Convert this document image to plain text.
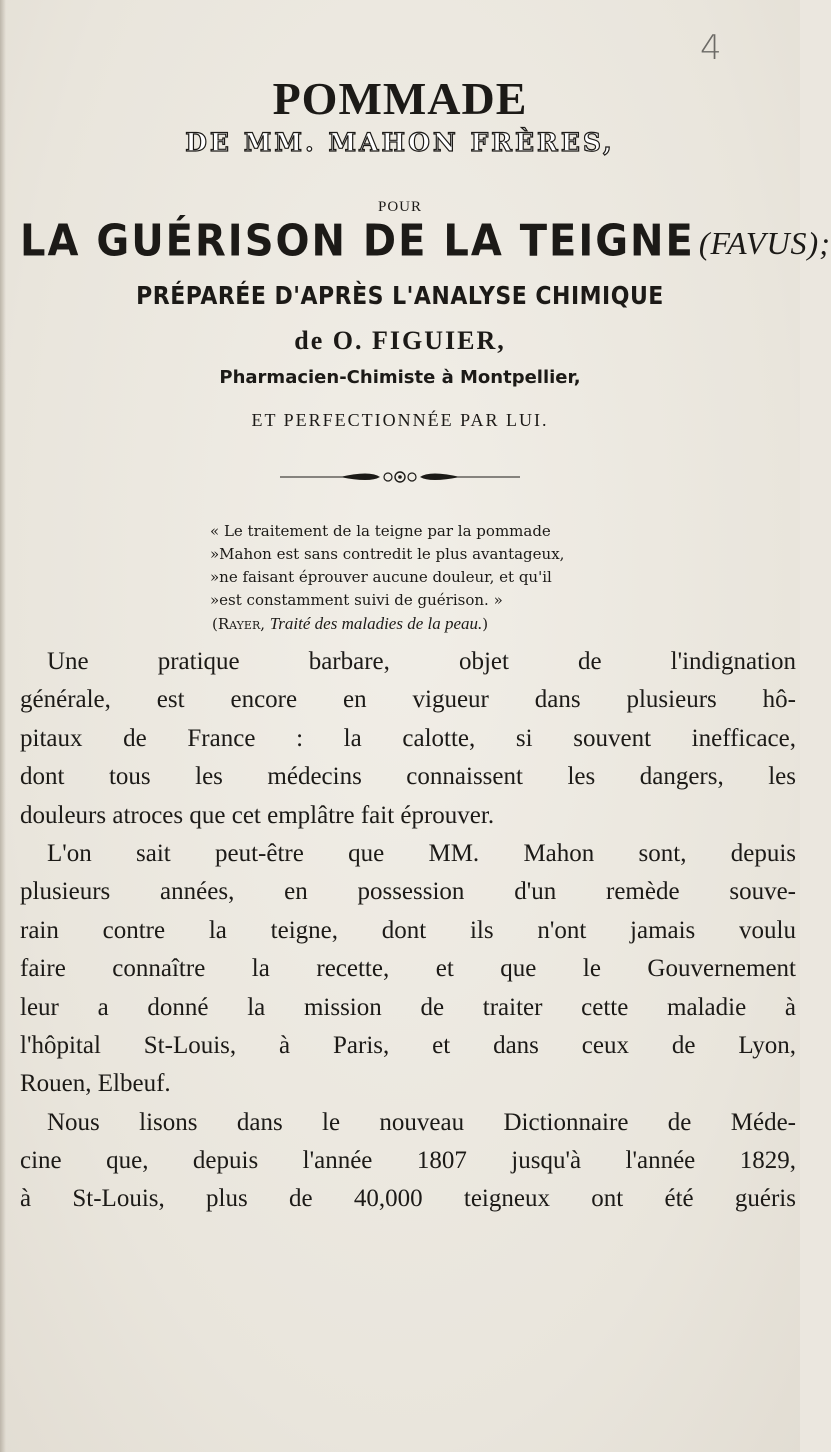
4
POMMADE
DE MM. MAHON FRÈRES,
POUR
LA GUÉRISON DE LA TEIGNE (FAVUS);
PRÉPARÉE D'APRÈS L'ANALYSE CHIMIQUE
de O. FIGUIER,
Pharmacien-Chimiste à Montpellier,
ET PERFECTIONNÉE PAR LUI.
« Le traitement de la teigne par la pommade
»Mahon est sans contredit le plus avantageux,
»ne faisant éprouver aucune douleur, et qu'il
»est constamment suivi de guérison. »
(Rayer, Traité des maladies de la peau.)
Une pratique barbare, objet de l'indignation
générale, est encore en vigueur dans plusieurs hô-
pitaux de France : la calotte, si souvent inefficace,
dont tous les médecins connaissent les dangers, les
douleurs atroces que cet emplâtre fait éprouver.
L'on sait peut-être que MM. Mahon sont, depuis
plusieurs années, en possession d'un remède souve-
rain contre la teigne, dont ils n'ont jamais voulu
faire connaître la recette, et que le Gouvernement
leur a donné la mission de traiter cette maladie à
l'hôpital St-Louis, à Paris, et dans ceux de Lyon,
Rouen, Elbeuf.
Nous lisons dans le nouveau Dictionnaire de Méde-
cine que, depuis l'année 1807 jusqu'à l'année 1829,
à St-Louis, plus de 40,000 teigneux ont été guéris
